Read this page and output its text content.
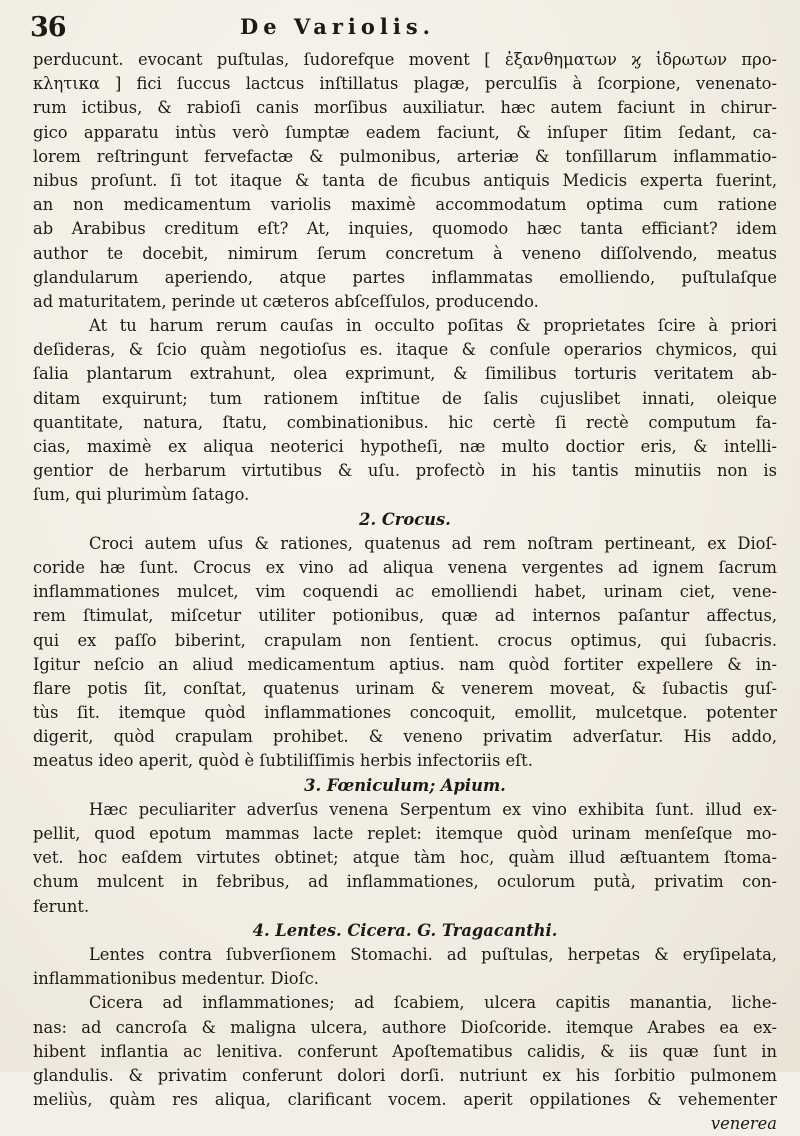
36	De Variolis.
perducunt. evocant puſtulas, ſudorefque movent [ ἐξανθηματων ϗ ἱδρωτων πρo-
κλητικα ] fici ſuccus lactcus inſtillatus plagæ, perculſis à ſcorpione, venenato-
rum ictibus, & rabioſi canis morſibus auxiliatur. hæc autem faciunt in chirur-
gico apparatu intùs verò ſumptæ eadem faciunt, & inſuper ſitim ſedant, ca-
lorem reſtringunt fervefactæ & pulmonibus, arteriæ & tonſillarum inflammatio-
nibus proſunt. ſi tot itaque & tanta de ficubus antiquis Medicis experta fuerint,
an non medicamentum variolis maximè accommodatum optima cum ratione
ab Arabibus creditum eſt? At, inquies, quomodo hæc tanta efficiant? idem
author te docebit, nimirum ſerum concretum à veneno diſſolvendo, meatus
glandularum aperiendo, atque partes inflammatas emolliendo, puſtulaſque
ad maturitatem, perinde ut cæteros abſceſſulos, producendo.
At tu harum rerum cauſas in occulto poſitas & proprietates ſcire à priori
deſideras, & ſcio quàm negotioſus es. itaque & conſule operarios chymicos, qui
ſalia plantarum extrahunt, olea exprimunt, & ſimilibus torturis veritatem ab-
ditam exquirunt; tum rationem inſtitue de ſalis cujuslibet innati, oleique
quantitate, natura, ſtatu, combinationibus. hic certè ſi rectè computum fa-
cias, maximè ex aliqua neoterici hypotheſi, næ multo doctior eris, & intelli-
gentior de herbarum virtutibus & uſu. profectò in his tantis minutiis non is
ſum, qui plurimùm ſatago.
2. Crocus.
Croci autem uſus & rationes, quatenus ad rem noſtram pertineant, ex Dioſ-
coride hæ ſunt. Crocus ex vino ad aliqua venena vergentes ad ignem ſacrum
inflammationes mulcet, vim coquendi ac emolliendi habet, urinam ciet, vene-
rem ſtimulat, miſcetur utiliter potionibus, quæ ad internos paſantur affectus,
qui ex paſſo biberint, crapulam non ſentient. crocus optimus, qui ſubacris.
Igitur neſcio an aliud medicamentum aptius. nam quòd fortiter expellere & in-
flare potis ſit, conſtat, quatenus urinam & venerem moveat, & ſubactis guſ-
tùs ſit. itemque quòd inflammationes concoquit, emollit, mulcetque. potenter
digerit, quòd crapulam prohibet. & veneno privatim adverſatur. His addo,
meatus ideo aperit, quòd è ſubtiliſſimis herbis infectoriis eſt.
3. Fœniculum; Apium.
Hæc peculiariter adverſus venena Serpentum ex vino exhibita ſunt. illud ex-
pellit, quod epotum mammas lacte replet: itemque quòd urinam menſeſque mo-
vet. hoc eaſdem virtutes obtinet; atque tàm hoc, quàm illud æſtuantem ſtoma-
chum mulcent in febribus, ad inflammationes, oculorum putà, privatim con-
ferunt.
4. Lentes. Cicera. G. Tragacanthi.
Lentes contra ſubverſionem Stomachi. ad puſtulas, herpetas & eryſipelata,
inflammationibus medentur. Dioſc.
Cicera ad inflammationes; ad ſcabiem, ulcera capitis manantia, liche-
nas: ad cancroſa & maligna ulcera, authore Dioſcoride. itemque Arabes ea ex-
hibent inflantia ac lenitiva. conferunt Apoſtematibus calidis, & iis quæ ſunt in
glandulis. & privatim conferunt dolori dorſi. nutriunt ex his ſorbitio pulmonem
meliùs, quàm res aliqua, clarificant vocem. aperit oppilationes & vehementer
venerea
